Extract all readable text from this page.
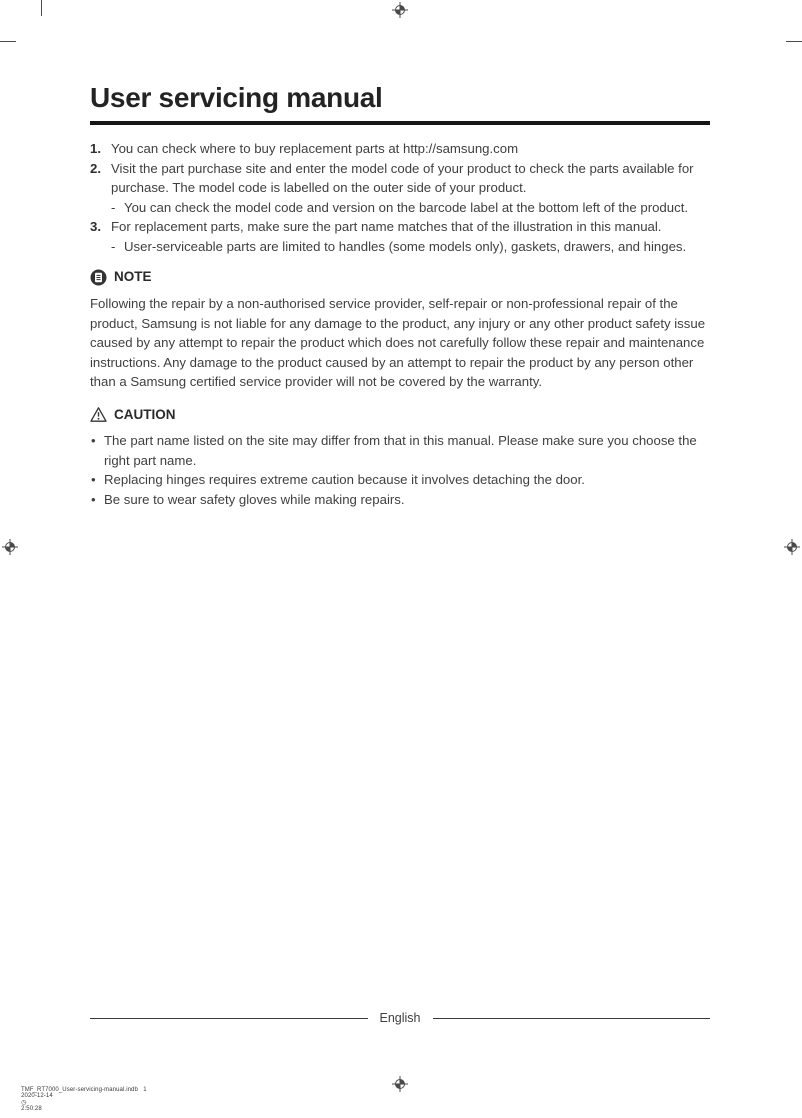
User servicing manual
1. You can check where to buy replacement parts at http://samsung.com
2. Visit the part purchase site and enter the model code of your product to check the parts available for purchase. The model code is labelled on the outer side of your product.
- You can check the model code and version on the barcode label at the bottom left of the product.
3. For replacement parts, make sure the part name matches that of the illustration in this manual.
- User-serviceable parts are limited to handles (some models only), gaskets, drawers, and hinges.
NOTE

Following the repair by a non-authorised service provider, self-repair or non-professional repair of the product, Samsung is not liable for any damage to the product, any injury or any other product safety issue caused by any attempt to repair the product which does not carefully follow these repair and maintenance instructions. Any damage to the product caused by an attempt to repair the product by any person other than a Samsung certified service provider will not be covered by the warranty.

CAUTION
• The part name listed on the site may differ from that in this manual. Please make sure you choose the right part name.
• Replacing hinges requires extreme caution because it involves detaching the door.
• Be sure to wear safety gloves while making repairs.
English

TMF_RT7000_User-servicing-manual.indb   1
2020-12-14
◷
2:50:28
